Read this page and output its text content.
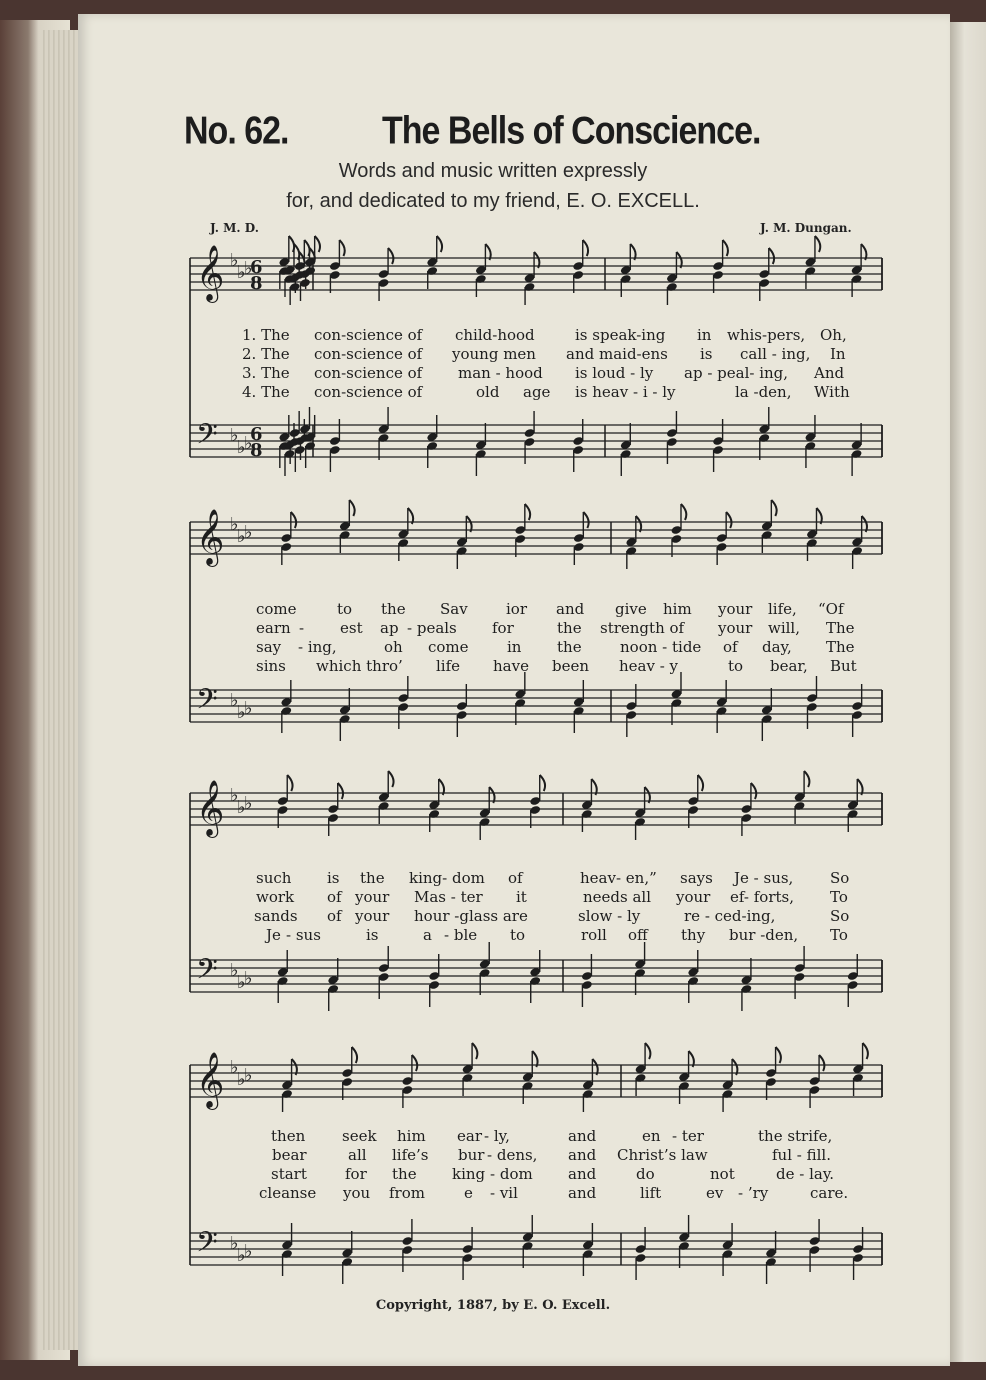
No. 62.	The Bells of Conscience.
Words and music written expressly
for, and dedicated to my friend, E. O. EXCELL.
J. M. D.	J. M. Dungan.
𝄞
𝄢
♭
♭
♭
♭
♭
♭
6
8
6
8
𝄞
𝄢
♭
♭
♭
♭
♭
♭
𝄞
𝄢
♭
♭
♭
♭
♭
♭
𝄞
𝄢
♭
♭
♭
♭
♭
♭
1. The con-science of child-hood	is speak-ing in whis-pers, Oh,
2. The con-science of young men and maid-ens is call - ing, In
3. The con-science of man - hood is loud - ly ap - peal- ing, And
4. The con-science of	old age is heav - i - ly	la -den, With
come	to the Sav	ior and give him your life, “Of
earn - est ap - peals for	the strength of your will, The
say - ing,	oh come	in the	noon - tide of day, The
sins which thro’ life have been heav - y	to bear, But
such is the king- dom of	heav- en,” says Je - sus, So
work of your Mas - ter it	needs all your ef- forts, To
sands of your hour -glass are	slow - ly	re - ced-ing,	So
Je - sus	is	a - ble to	roll off thy bur -den, To
then seek him ear - ly,	and	en - ter	the strife,
bear	all life’s bur - dens, and Christ’s law	ful - fill.
start	for the king - dom and	do	not	de - lay.
cleanse you from	e - vil	and	lift	ev - ’ry	care.
Copyright, 1887, by E. O. Excell.
